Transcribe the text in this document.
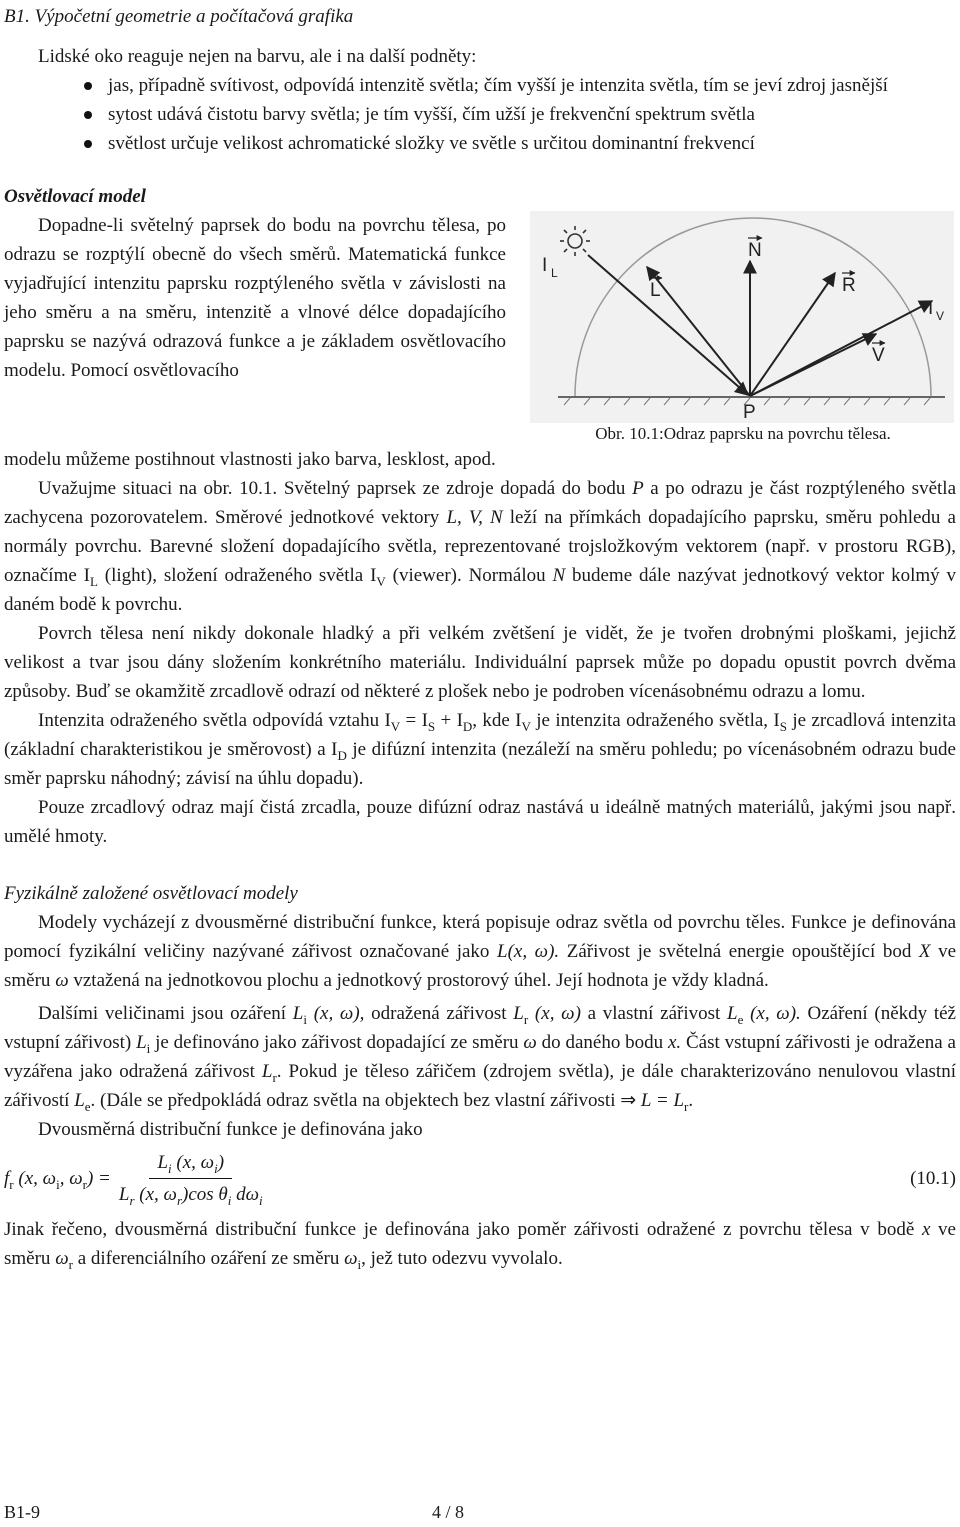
B1. Výpočetní geometrie a počítačová grafika
Lidské oko reaguje nejen na barvu, ale i na další podněty:
jas, případně svítivost, odpovídá intenzitě světla; čím vyšší je intenzita světla, tím se jeví zdroj jasnější
sytost udává čistotu barvy světla; je tím vyšší, čím užší je frekvenční spektrum světla
světlost určuje velikost achromatické složky ve světle s určitou dominantní frekvencí
Osvětlovací model
I L
N
L	R
V
I V
P
Obr. 10.1:Odraz paprsku na povrchu tělesa.

Dopadne-li světelný paprsek do bodu na povrchu tělesa, po odrazu se rozptýlí obecně do všech směrů. Matematická funkce vyjadřující intenzitu paprsku rozptýleného světla v závislosti na jeho směru a na směru, intenzitě a vlnové délce dopadajícího paprsku se nazývá odrazová funkce a je základem osvětlovacího modelu. Pomocí osvětlovacího

modelu můžeme postihnout vlastnosti jako barva, lesklost, apod.

Uvažujme situaci na obr. 10.1. Světelný paprsek ze zdroje dopadá do bodu P a po odrazu je část rozptýleného světla zachycena pozorovatelem. Směrové jednotkové vektory L, V, N leží na přímkách dopadajícího paprsku, směru pohledu a normály povrchu. Barevné složení dopadajícího světla, reprezentované trojsložkovým vektorem (např. v prostoru RGB), označíme $I_L$ (light), složení odraženého světla $I_V$ (viewer). Normálou N budeme dále nazývat jednotkový vektor kolmý v daném bodě k povrchu.

Povrch tělesa není nikdy dokonale hladký a při velkém zvětšení je vidět, že je tvořen drobnými ploškami, jejichž velikost a tvar jsou dány složením konkrétního materiálu. Individuální paprsek může po dopadu opustit povrch dvěma způsoby. Buď se okamžitě zrcadlově odrazí od některé z plošek nebo je podroben vícenásobnému odrazu a lomu.

Intenzita odraženého světla odpovídá vztahu $I_V = I_S + I_D$, kde $I_V$ je intenzita odraženého světla, $I_S$ je zrcadlová intenzita (základní charakteristikou je směrovost) a $I_D$ je difúzní intenzita (nezáleží na směru pohledu; po vícenásobném odrazu bude směr paprsku náhodný; závisí na úhlu dopadu).

Pouze zrcadlový odraz mají čistá zrcadla, pouze difúzní odraz nastává u ideálně matných materiálů, jakými jsou např. umělé hmoty.

Fyzikálně založené osvětlovací modely

Modely vycházejí z dvousměrné distribuční funkce, která popisuje odraz světla od povrchu těles. Funkce je definována pomocí fyzikální veličiny nazývané zářivost označované jako L(x, ω). Zářivost je světelná energie opouštějící bod X ve směru ω vztažená na jednotkovou plochu a jednotkový prostorový úhel. Její hodnota je vždy kladná.

Dalšími veličinami jsou ozáření $L_i$ (x, ω), odražená zářivost $L_r$ (x, ω) a vlastní zářivost $L_e$ (x, ω). Ozáření (někdy též vstupní zářivost) $L_i$ je definováno jako zářivost dopadající ze směru ω do daného bodu x. Část vstupní zářivosti je odražena a vyzářena jako odražená zářivost $L_r$. Pokud je těleso zářičem (zdrojem světla), je dále charakterizováno nenulovou vlastní zářivostí $L_e$. (Dále se předpokládá odraz světla na objektech bez vlastní zářivosti ⇒ $L = L_r$.

Dvousměrná distribuční funkce je definována jako

$f_r$ (x, $\omega_i$, $\omega_r) = \frac{L_i (x, \omega_i)}{L_r (x, \omega_r)\cos \theta_i d\omega_i}$	(10.1)

Jinak řečeno, dvousměrná distribuční funkce je definována jako poměr zářivosti odražené z povrchu tělesa v bodě x ve směru $\omega_r$ a diferenciálního ozáření ze směru $\omega_i$, jež tuto odezvu vyvolalo.

B1-9	4 / 8
